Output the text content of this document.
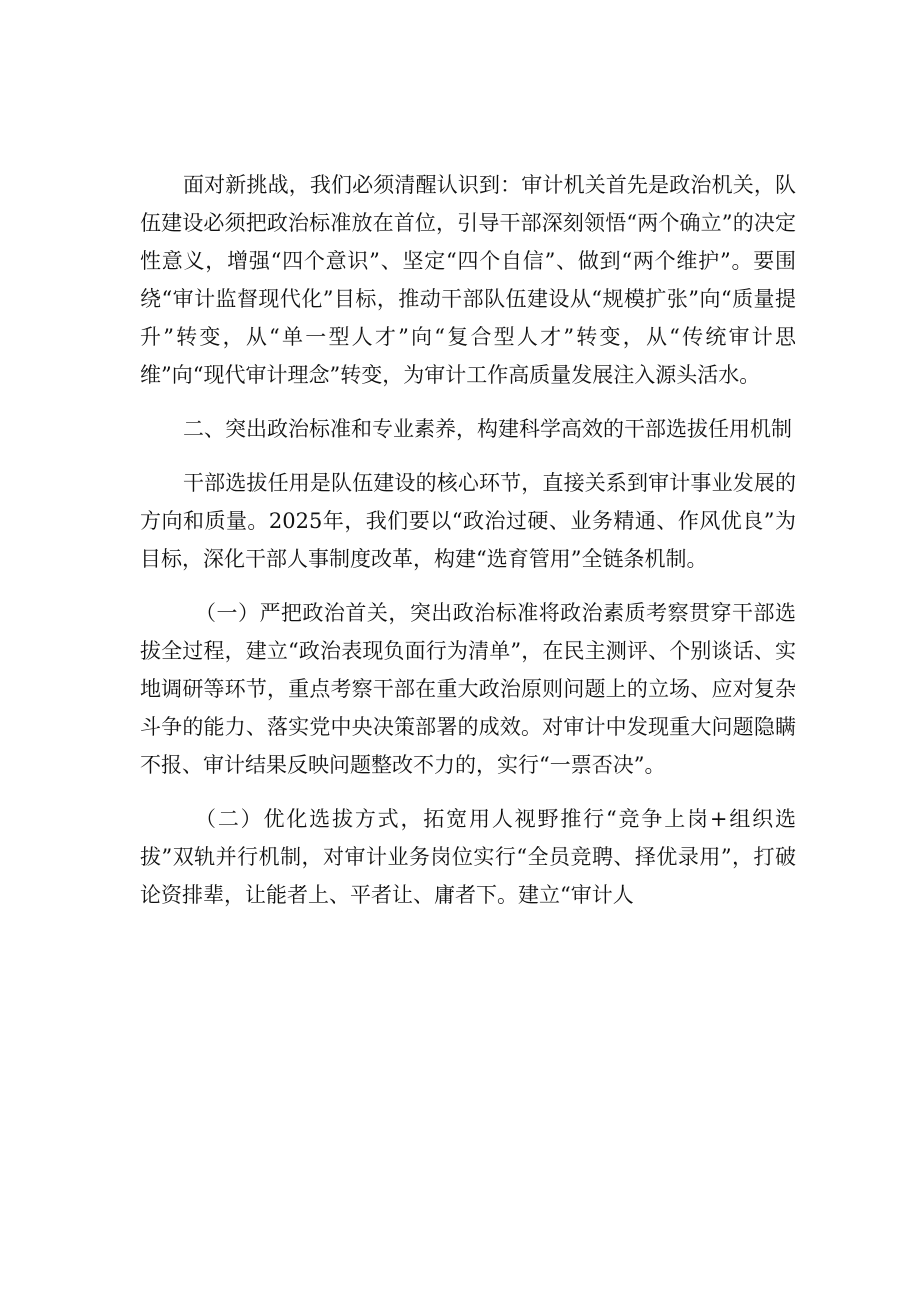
面对新挑战，我们必须清醒认识到：审计机关首先是政治机关，队伍建设必须把政治标准放在首位，引导干部深刻领悟“两个确立”的决定性意义，增强“四个意识”、坚定“四个自信”、做到“两个维护”。要围绕“审计监督现代化”目标，推动干部队伍建设从“规模扩张”向“质量提升”转变，从“单一型人才”向“复合型人才”转变，从“传统审计思维”向“现代审计理念”转变，为审计工作高质量发展注入源头活水。

二、突出政治标准和专业素养，构建科学高效的干部选拔任用机制

干部选拔任用是队伍建设的核心环节，直接关系到审计事业发展的方向和质量。2025年，我们要以“政治过硬、业务精通、作风优良”为目标，深化干部人事制度改革，构建“选育管用”全链条机制。

（一）严把政治首关，突出政治标准将政治素质考察贯穿干部选拔全过程，建立“政治表现负面行为清单”，在民主测评、个别谈话、实地调研等环节，重点考察干部在重大政治原则问题上的立场、应对复杂斗争的能力、落实党中央决策部署的成效。对审计中发现重大问题隐瞒不报、审计结果反映问题整改不力的，实行“一票否决”。

（二）优化选拔方式，拓宽用人视野推行“竞争上岗+组织选拔”双轨并行机制，对审计业务岗位实行“全员竞聘、择优录用”，打破论资排辈，让能者上、平者让、庸者下。建立“审计人
